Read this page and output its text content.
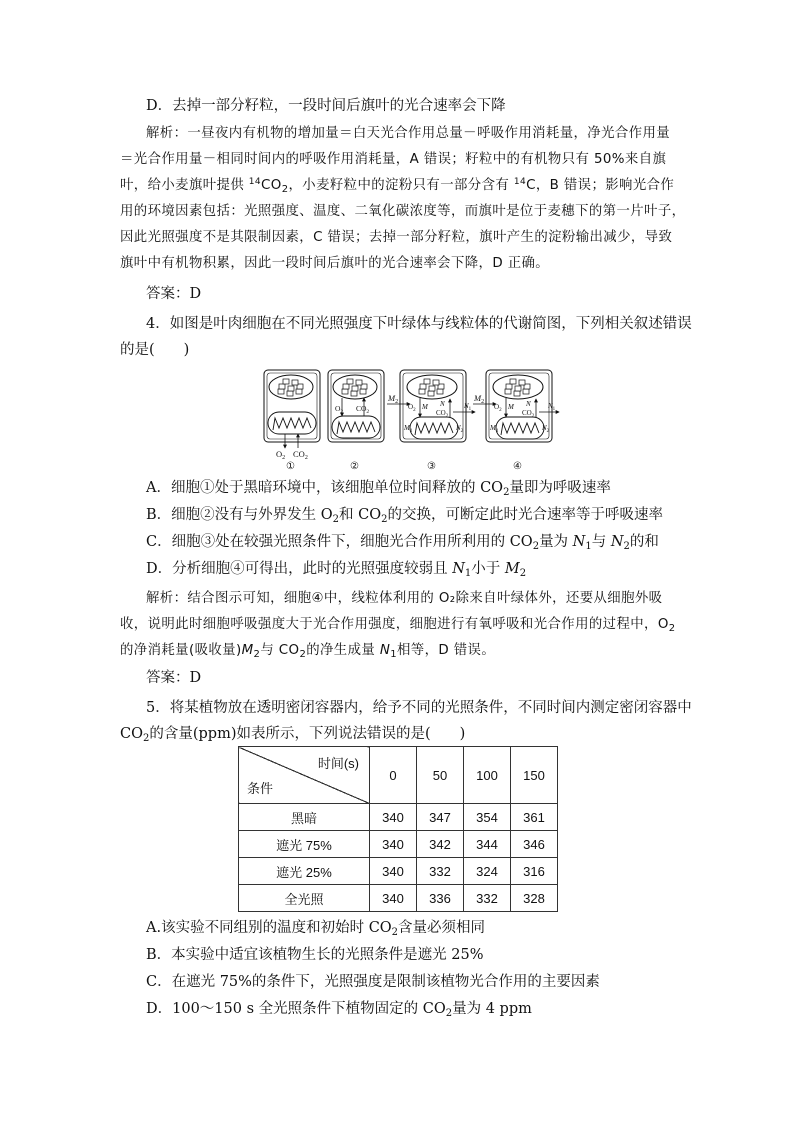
D．去掉一部分籽粒，一段时间后旗叶的光合速率会下降
解析：一昼夜内有机物的增加量＝白天光合作用总量－呼吸作用消耗量，净光合作用量
＝光合作用量－相同时间内的呼吸作用消耗量，A 错误；籽粒中的有机物只有 50%来自旗
叶，给小麦旗叶提供 $^{14}CO_2$，小麦籽粒中的淀粉只有一部分含有 $^{14}$C，B 错误；影响光合作
用的环境因素包括：光照强度、温度、二氧化碳浓度等，而旗叶是位于麦穗下的第一片叶子，
因此光照强度不是其限制因素，C 错误；去掉一部分籽粒，旗叶产生的淀粉输出减少，导致
旗叶中有机物积累，因此一段时间后旗叶的光合速率会下降，D 正确。
答案：D
4．如图是叶肉细胞在不同光照强度下叶绿体与线粒体的代谢简图，下列相关叙述错误
的是(　　)
$O_2$ $CO_2$
①
$O_2$ $CO_2$
②
$M_2$
$O_2$ M N
$CO_2$
$M_1$	$N_2$
$N_1$
③
$M_2$
$O_2$ M N
$CO_2$
$M_1$	$N_2$
$N_1$
④
A．细胞①处于黑暗环境中，该细胞单位时间释放的 $CO_2$量即为呼吸速率
B．细胞②没有与外界发生 $O_2$和 $CO_2$的交换，可断定此时光合速率等于呼吸速率
C．细胞③处在较强光照条件下，细胞光合作用所利用的 $CO_2$量为 $N_1$与 $N_2$的和
D．分析细胞④可得出，此时的光照强度较弱且 $N_1$小于 $M_2$
解析：结合图示可知，细胞④中，线粒体利用的 O₂除来自叶绿体外，还要从细胞外吸
收，说明此时细胞呼吸强度大于光合作用强度，细胞进行有氧呼吸和光合作用的过程中，$O_2$
的净消耗量(吸收量)$M_2$与 $CO_2$的净生成量 $N_1$相等，D 错误。
答案：D
5．将某植物放在透明密闭容器内，给予不同的光照条件，不同时间内测定密闭容器中
$CO_2$的含量(ppm)如表所示，下列说法错误的是(　　)
时间(s)
条件	0	50	100	150
黑暗	340	347	354	361
遮光 75%	340	342	344	346
遮光 25%	340	332	324	316
全光照	340	336	332	328
A.该实验不同组别的温度和初始时 $CO_2$含量必须相同
B．本实验中适宜该植物生长的光照条件是遮光 25%
C．在遮光 75%的条件下，光照强度是限制该植物光合作用的主要因素
D．100～150 s 全光照条件下植物固定的 $CO_2$量为 4 ppm
